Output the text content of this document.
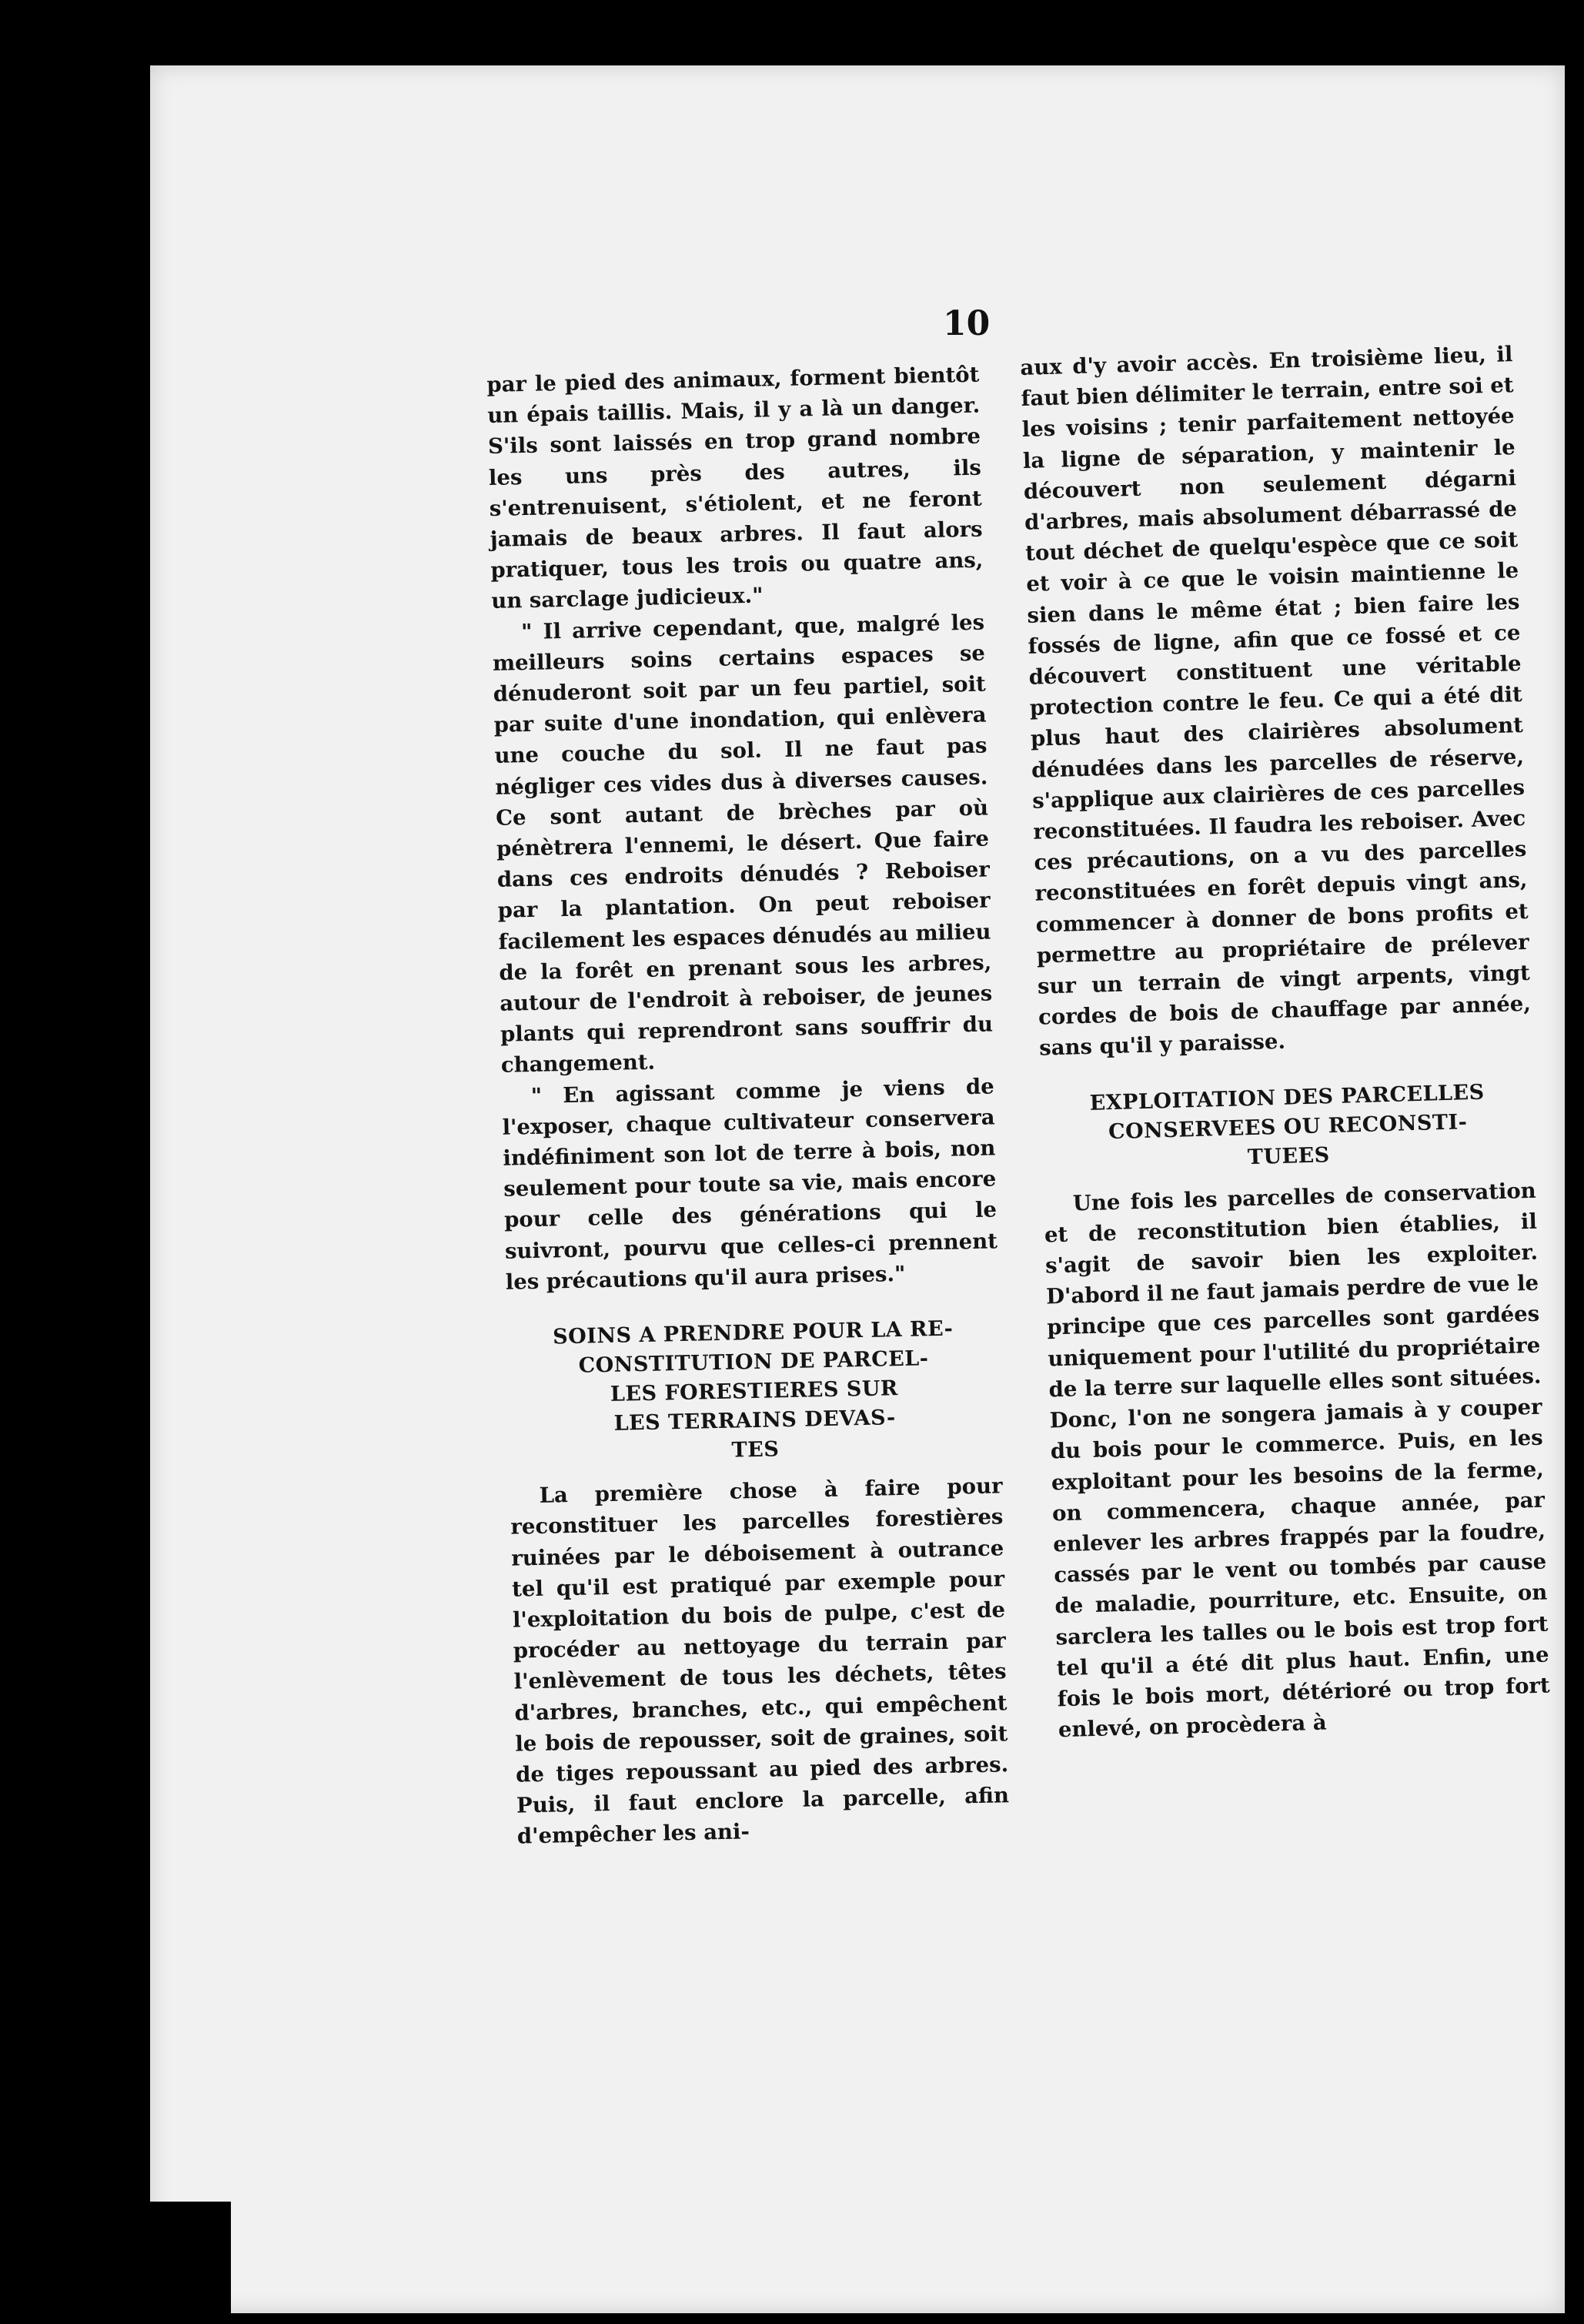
10

par le pied des animaux, forment bientôt un épais taillis. Mais, il y a là un danger. S'ils sont laissés en trop grand nombre les uns près des autres, ils s'entrenuisent, s'étiolent, et ne feront jamais de beaux arbres. Il faut alors pratiquer, tous les trois ou quatre ans, un sarclage judicieux."

" Il arrive cependant, que, malgré les meilleurs soins certains espaces se dénuderont soit par un feu partiel, soit par suite d'une inondation, qui enlèvera une couche du sol. Il ne faut pas négliger ces vides dus à diverses causes. Ce sont autant de brèches par où pénètrera l'ennemi, le désert. Que faire dans ces endroits dénudés ? Reboiser par la plantation. On peut reboiser facilement les espaces dénudés au milieu de la forêt en prenant sous les arbres, autour de l'endroit à reboiser, de jeunes plants qui reprendront sans souffrir du changement.

" En agissant comme je viens de l'exposer, chaque cultivateur conservera indéfiniment son lot de terre à bois, non seulement pour toute sa vie, mais encore pour celle des générations qui le suivront, pourvu que celles-ci prennent les précautions qu'il aura prises."

SOINS A PRENDRE POUR LA RE-
CONSTITUTION DE PARCEL-
LES FORESTIERES SUR
LES TERRAINS DEVAS-
TES

La première chose à faire pour reconstituer les parcelles forestières ruinées par le déboisement à outrance tel qu'il est pratiqué par exemple pour l'exploitation du bois de pulpe, c'est de procéder au nettoyage du terrain par l'enlèvement de tous les déchets, têtes d'arbres, branches, etc., qui empêchent le bois de repousser, soit de graines, soit de tiges repoussant au pied des arbres. Puis, il faut enclore la parcelle, afin d'empêcher les ani-

aux d'y avoir accès. En troisième lieu, il faut bien délimiter le terrain, entre soi et les voisins ; tenir parfaitement nettoyée la ligne de séparation, y maintenir le découvert non seulement dégarni d'arbres, mais absolument débarrassé de tout déchet de quelqu'espèce que ce soit et voir à ce que le voisin maintienne le sien dans le même état ; bien faire les fossés de ligne, afin que ce fossé et ce découvert constituent une véritable protection contre le feu. Ce qui a été dit plus haut des clairières absolument dénudées dans les parcelles de réserve, s'applique aux clairières de ces parcelles reconstituées. Il faudra les reboiser. Avec ces précautions, on a vu des parcelles reconstituées en forêt depuis vingt ans, commencer à donner de bons profits et permettre au propriétaire de prélever sur un terrain de vingt arpents, vingt cordes de bois de chauffage par année, sans qu'il y paraisse.

EXPLOITATION DES PARCELLES
CONSERVEES OU RECONSTI-
TUEES

Une fois les parcelles de conservation et de reconstitution bien établies, il s'agit de savoir bien les exploiter. D'abord il ne faut jamais perdre de vue le principe que ces parcelles sont gardées uniquement pour l'utilité du propriétaire de la terre sur laquelle elles sont situées. Donc, l'on ne songera jamais à y couper du bois pour le commerce. Puis, en les exploitant pour les besoins de la ferme, on commencera, chaque année, par enlever les arbres frappés par la foudre, cassés par le vent ou tombés par cause de maladie, pourriture, etc. Ensuite, on sarclera les talles ou le bois est trop fort tel qu'il a été dit plus haut. Enfin, une fois le bois mort, détérioré ou trop fort enlevé, on procèdera à
